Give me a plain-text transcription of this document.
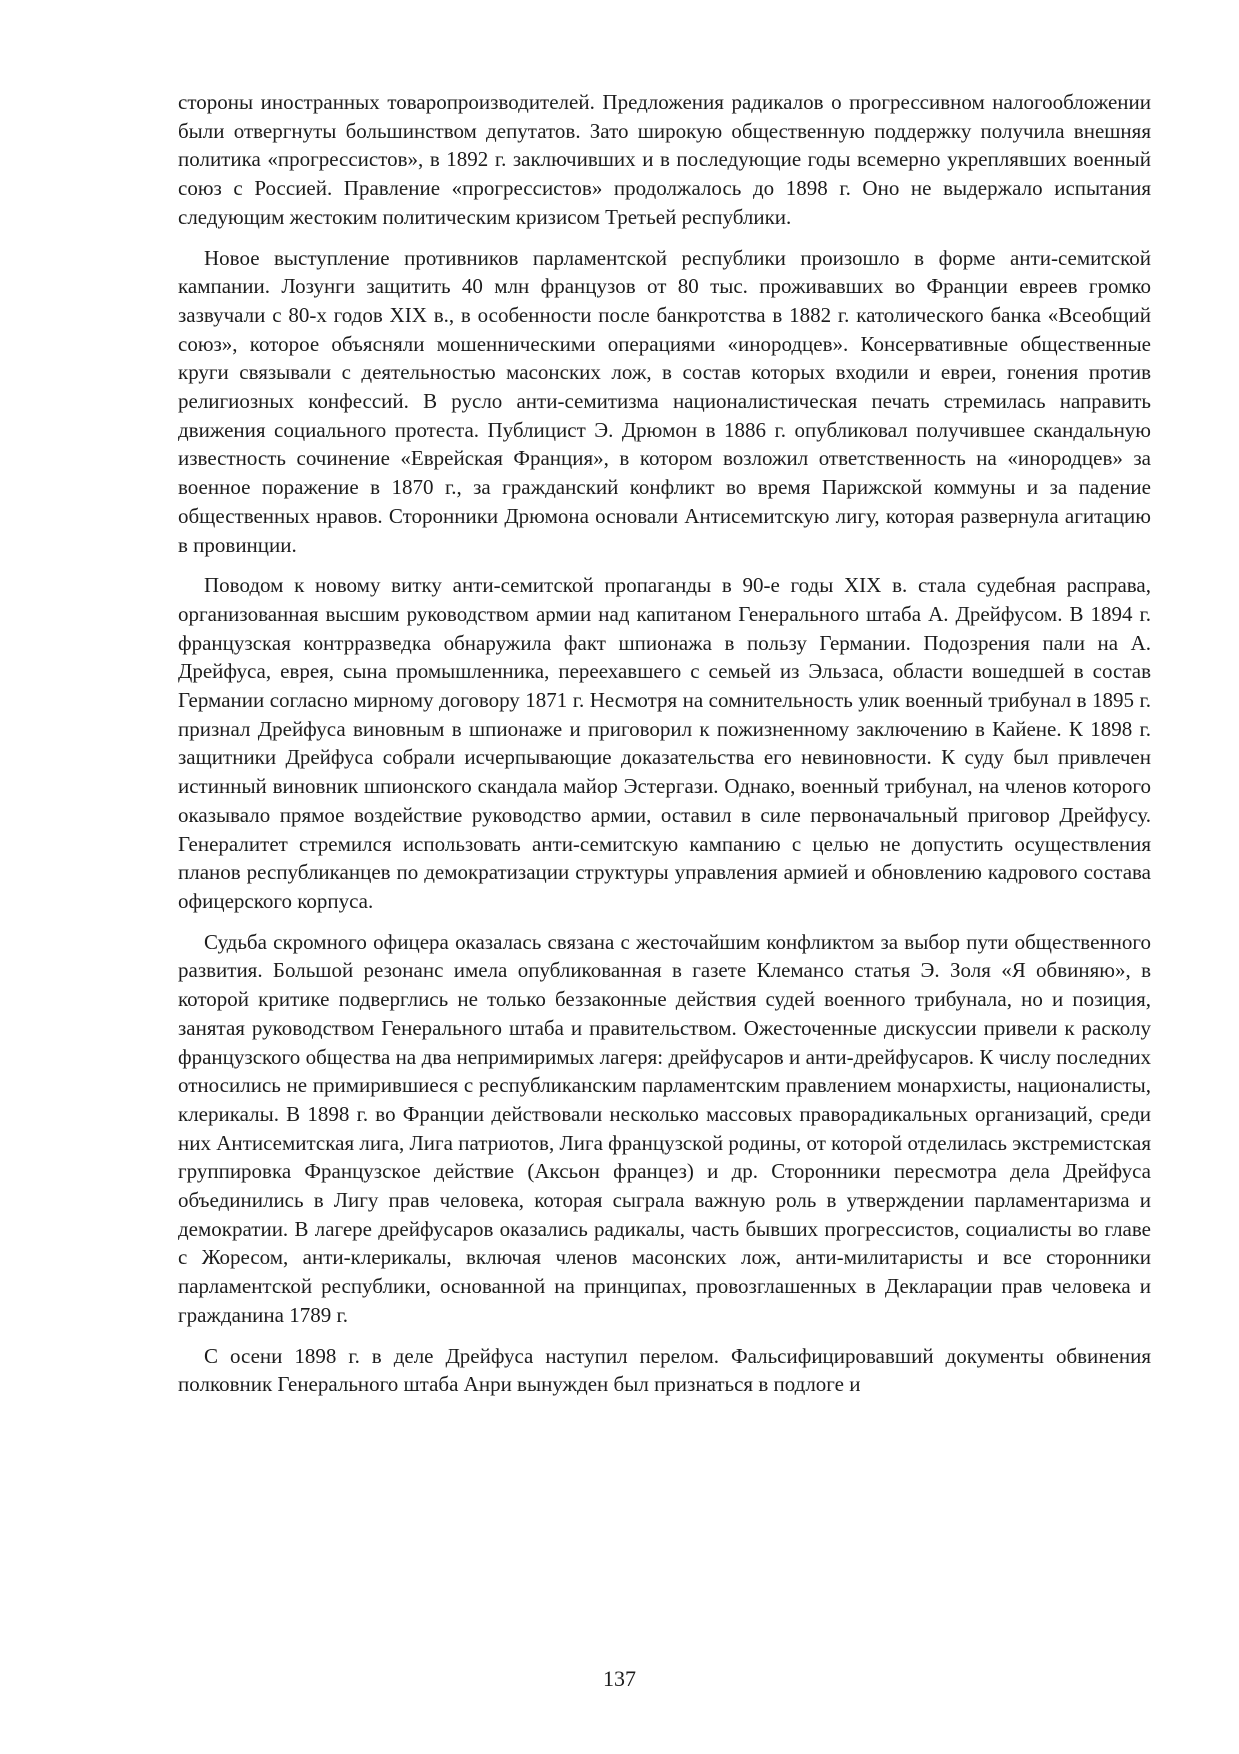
стороны иностранных товаропроизводителей. Предложения радикалов о прогрессивном налогообложении были отвергнуты большинством депутатов. Зато широкую общественную поддержку получила внешняя политика «прогрессистов», в 1892 г. заключивших и в последующие годы всемерно укреплявших военный союз с Россией. Правление «прогрессистов» продолжалось до 1898 г. Оно не выдержало испытания следующим жестоким политическим кризисом Третьей республики.

Новое выступление противников парламентской республики произошло в форме анти-семитской кампании. Лозунги защитить 40 млн французов от 80 тыс. проживавших во Франции евреев громко зазвучали с 80-х годов XIX в., в особенности после банкротства в 1882 г. католического банка «Всеобщий союз», которое объясняли мошенническими операциями «инородцев». Консервативные общественные круги связывали с деятельностью масонских лож, в состав которых входили и евреи, гонения против религиозных конфессий. В русло анти-семитизма националистическая печать стремилась направить движения социального протеста. Публицист Э. Дрюмон в 1886 г. опубликовал получившее скандальную известность сочинение «Еврейская Франция», в котором возложил ответственность на «инородцев» за военное поражение в 1870 г., за гражданский конфликт во время Парижской коммуны и за падение общественных нравов. Сторонники Дрюмона основали Антисемитскую лигу, которая развернула агитацию в провинции.

Поводом к новому витку анти-семитской пропаганды в 90-е годы XIX в. стала судебная расправа, организованная высшим руководством армии над капитаном Генерального штаба А. Дрейфусом. В 1894 г. французская контрразведка обнаружила факт шпионажа в пользу Германии. Подозрения пали на А. Дрейфуса, еврея, сына промышленника, переехавшего с семьей из Эльзаса, области вошедшей в состав Германии согласно мирному договору 1871 г. Несмотря на сомнительность улик военный трибунал в 1895 г. признал Дрейфуса виновным в шпионаже и приговорил к пожизненному заключению в Кайене. К 1898 г. защитники Дрейфуса собрали исчерпывающие доказательства его невиновности. К суду был привлечен истинный виновник шпионского скандала майор Эстергази. Однако, военный трибунал, на членов которого оказывало прямое воздействие руководство армии, оставил в силе первоначальный приговор Дрейфусу. Генералитет стремился использовать анти-семитскую кампанию с целью не допустить осуществления планов республиканцев по демократизации структуры управления армией и обновлению кадрового состава офицерского корпуса.

Судьба скромного офицера оказалась связана с жесточайшим конфликтом за выбор пути общественного развития. Большой резонанс имела опубликованная в газете Клемансо статья Э. Золя «Я обвиняю», в которой критике подверглись не только беззаконные действия судей военного трибунала, но и позиция, занятая руководством Генерального штаба и правительством. Ожесточенные дискуссии привели к расколу французского общества на два непримиримых лагеря: дрейфусаров и анти-дрейфусаров. К числу последних относились не примирившиеся с республиканским парламентским правлением монархисты, националисты, клерикалы. В 1898 г. во Франции действовали несколько массовых праворадикальных организаций, среди них Антисемитская лига, Лига патриотов, Лига французской родины, от которой отделилась экстремистская группировка Французское действие (Аксьон францез) и др. Сторонники пересмотра дела Дрейфуса объединились в Лигу прав человека, которая сыграла важную роль в утверждении парламентаризма и демократии. В лагере дрейфусаров оказались радикалы, часть бывших прогрессистов, социалисты во главе с Жоресом, анти-клерикалы, включая членов масонских лож, анти-милитаристы и все сторонники парламентской республики, основанной на принципах, провозглашенных в Декларации прав человека и гражданина 1789 г.

С осени 1898 г. в деле Дрейфуса наступил перелом. Фальсифицировавший документы обвинения полковник Генерального штаба Анри вынужден был признаться в подлоге и

137
